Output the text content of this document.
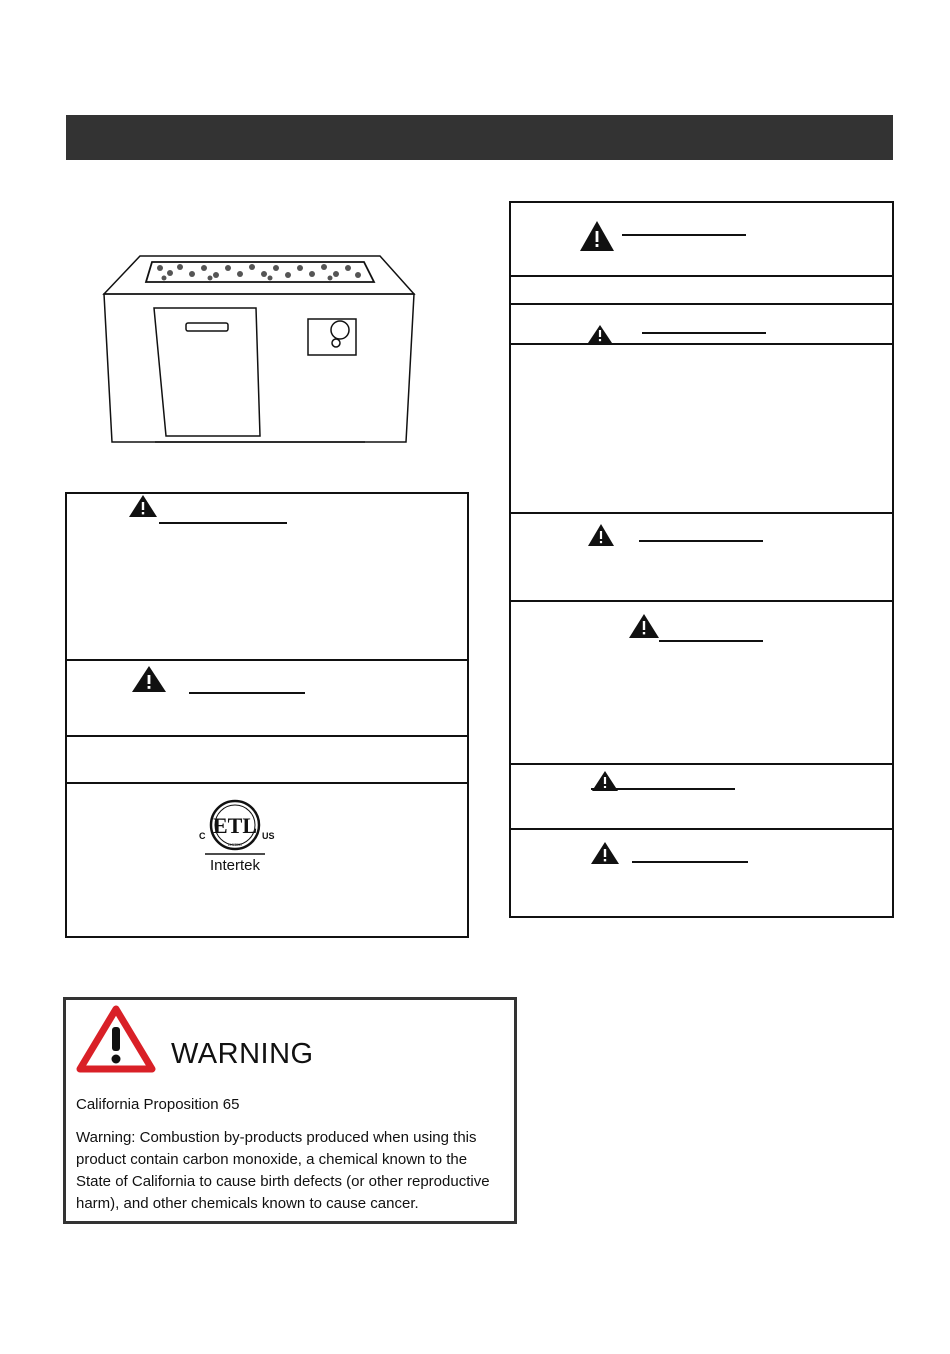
ETL
LISTED
C	US
Intertek
WARNING
California Proposition 65
Warning: Combustion by-products produced when using this product contain carbon monoxide, a chemical known to the State of California to cause birth defects (or other reproductive harm), and other chemicals known to cause cancer.
